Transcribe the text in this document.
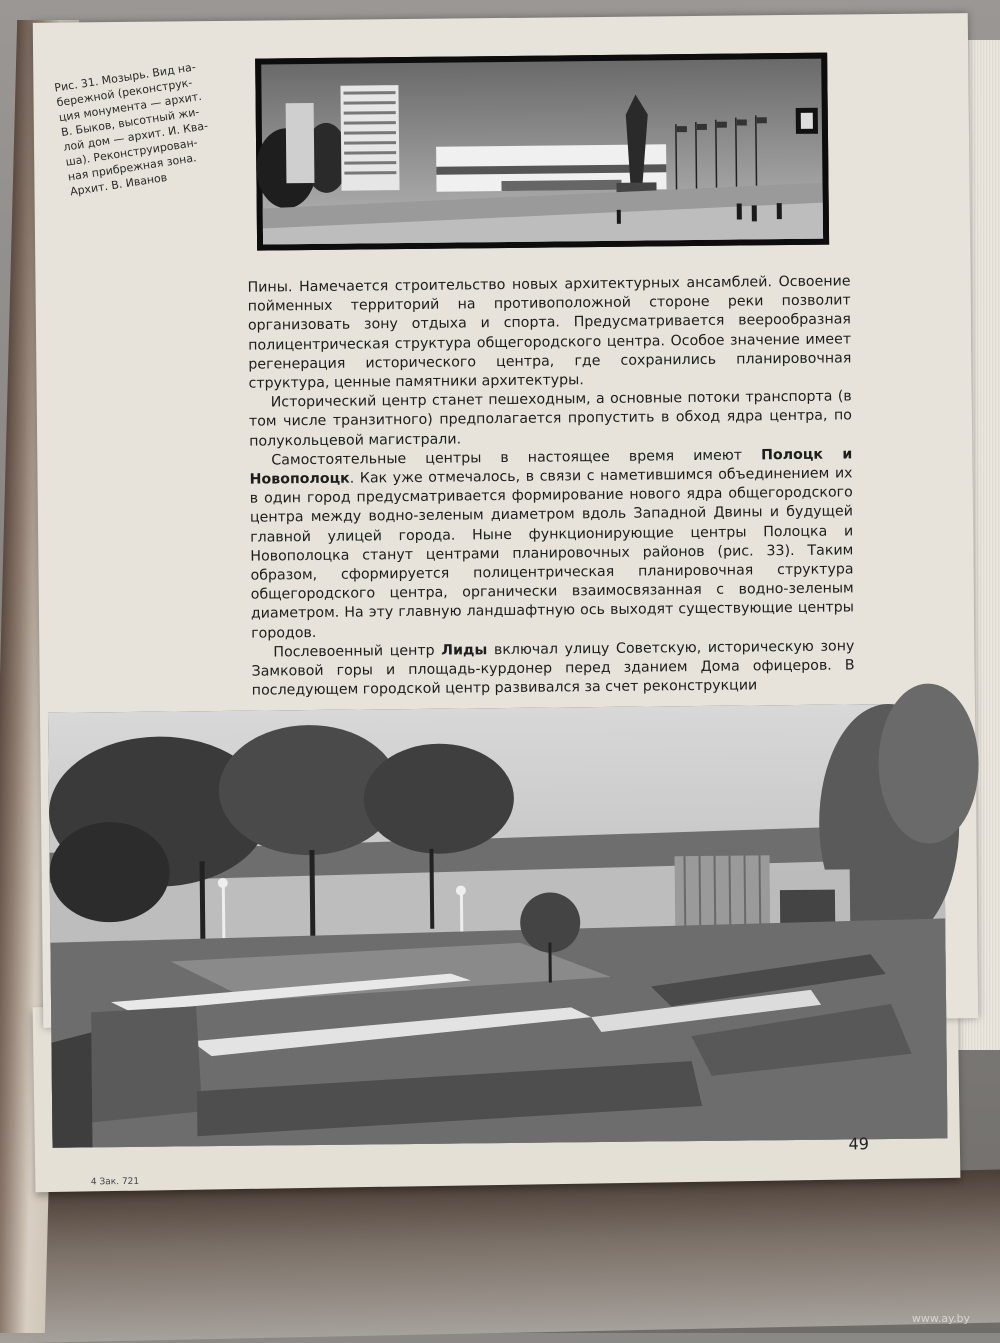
Рис. 31. Мозырь. Вид на-
бережной (реконструк-
ция монумента — архит.
В. Быков, высотный жи-
лой дом — архит. И. Ква-
ша). Реконструирован-
ная прибрежная зона.
Архит. В. Иванов

Пины. Намечается строительство новых архитектурных ансамблей. Освоение пойменных территорий на противоположной стороне реки позволит организовать зону отдыха и спорта. Предусматривается веерообразная полицентрическая структура общегородского центра. Особое значение имеет регенерация исторического центра, где сохранились планировочная структура, ценные памятники архитектуры.

Исторический центр станет пешеходным, а основные потоки транспорта (в том числе транзитного) предполагается пропустить в обход ядра центра, по полукольцевой магистрали.

Самостоятельные центры в настоящее время имеют Полоцк и Новополоцк. Как уже отмечалось, в связи с наметившимся объединением их в один город предусматривается формирование нового ядра общегородского центра между водно-зеленым диаметром вдоль Западной Двины и будущей главной улицей города. Ныне функционирующие центры Полоцка и Новополоцка станут центрами планировочных районов (рис. 33). Таким образом, сформируется полицентрическая планировочная структура общегородского центра, органически взаимосвязанная с водно-зеленым диаметром. На эту главную ландшафтную ось выходят существующие центры городов.

Послевоенный центр Лиды включал улицу Советскую, историческую зону Замковой горы и площадь-курдонер перед зданием Дома офицеров. В последующем городской центр развивался за счет реконструкции

49
4 Зак. 721
www.ay.by
